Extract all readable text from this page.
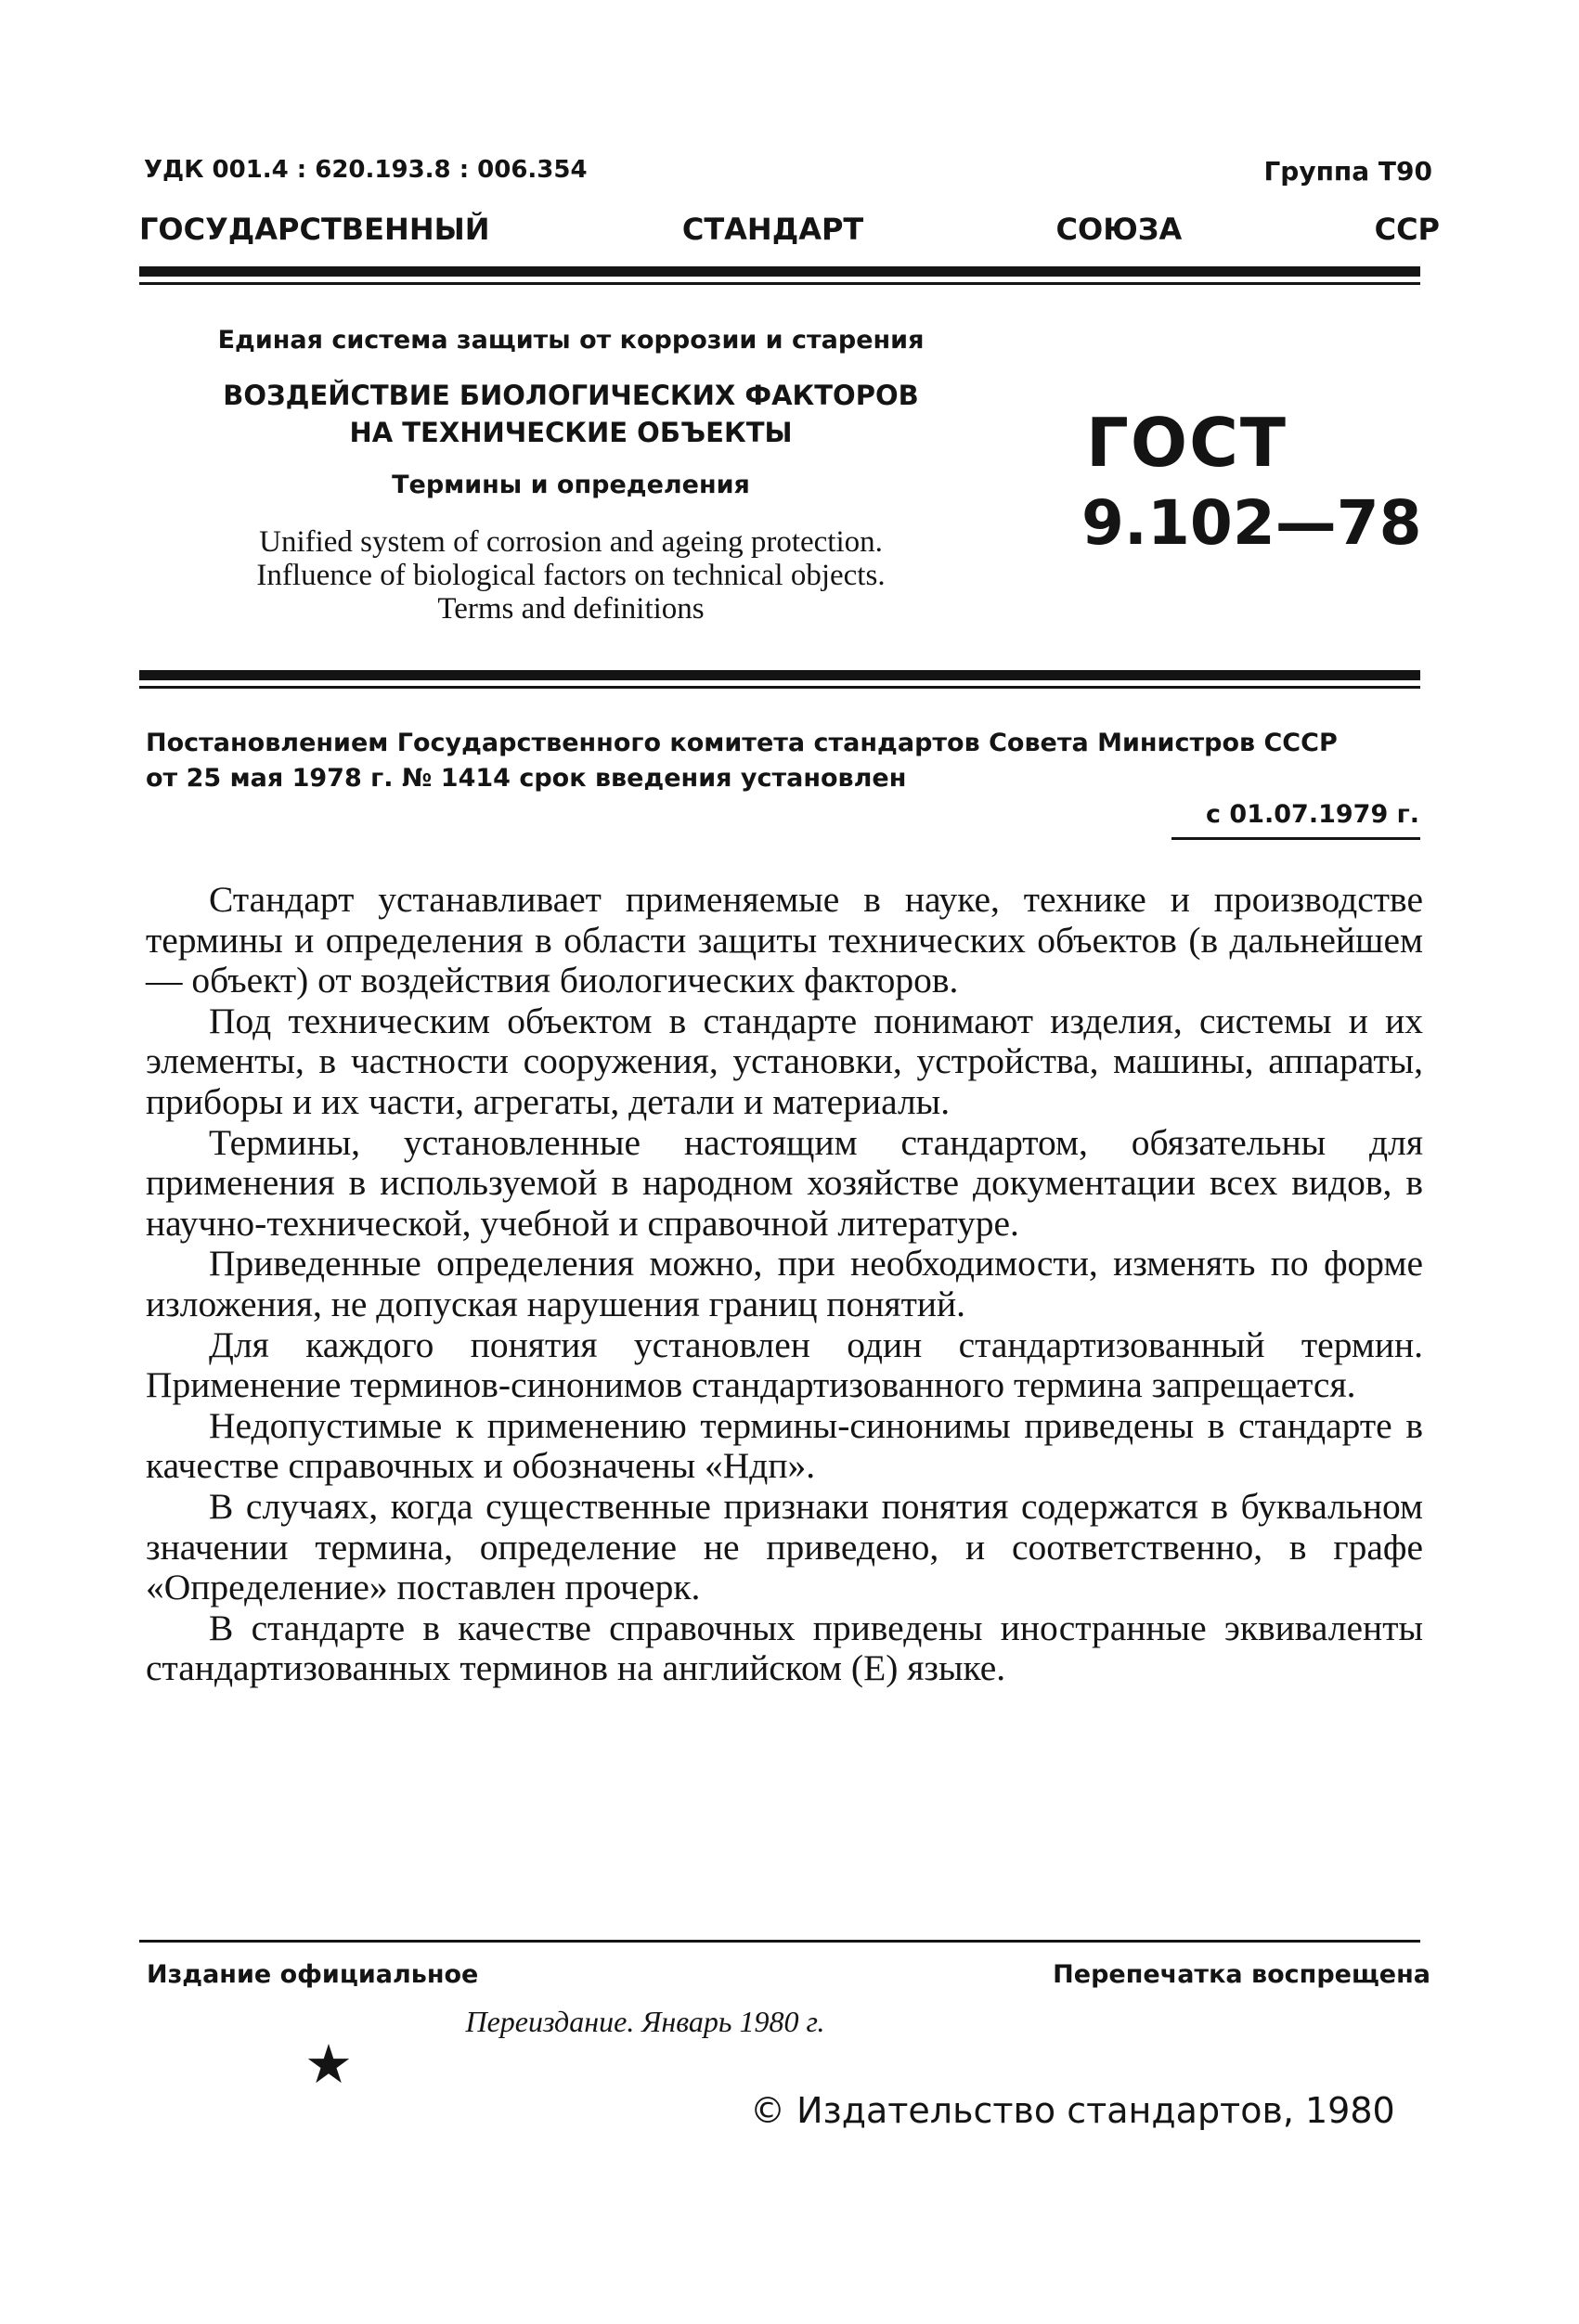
УДК 001.4 : 620.193.8 : 006.354	Группа Т90
ГОСУДАРСТВЕННЫЙ	СТАНДАРТ	СОЮЗА	ССР
Единая система защиты от коррозии и старения
ВОЗДЕЙСТВИЕ БИОЛОГИЧЕСКИХ ФАКТОРОВ
НА ТЕХНИЧЕСКИЕ ОБЪЕКТЫ
Термины и определения
Unified system of corrosion and ageing protection.
Influence of biological factors on technical objects.
Terms and definitions
ГОСТ
9.102—78
Постановлением Государственного комитета стандартов Совета Министров СССР
от 25 мая 1978 г. № 1414 срок введения установлен
с 01.07.1979 г.

Стандарт устанавливает применяемые в науке, технике и производстве термины и определения в области защиты технических объектов (в дальнейшем — объект) от воздействия биологических факторов.

Под техническим объектом в стандарте понимают изделия, системы и их элементы, в частности сооружения, установки, устройства, машины, аппараты, приборы и их части, агрегаты, детали и материалы.

Термины, установленные настоящим стандартом, обязательны для применения в используемой в народном хозяйстве документации всех видов, в научно-технической, учебной и справочной литературе.

Приведенные определения можно, при необходимости, изменять по форме изложения, не допуская нарушения границ понятий.

Для каждого понятия установлен один стандартизованный термин. Применение терминов-синонимов стандартизованного термина запрещается.

Недопустимые к применению термины-синонимы приведены в стандарте в качестве справочных и обозначены «Ндп».

В случаях, когда существенные признаки понятия содержатся в буквальном значении термина, определение не приведено, и соответственно, в графе «Определение» поставлен прочерк.

В стандарте в качестве справочных приведены иностранные эквиваленты стандартизованных терминов на английском (Е) языке.

Издание официальное	Перепечатка воспрещена
Переиздание. Январь 1980 г.
★
© Издательство стандартов, 1980
